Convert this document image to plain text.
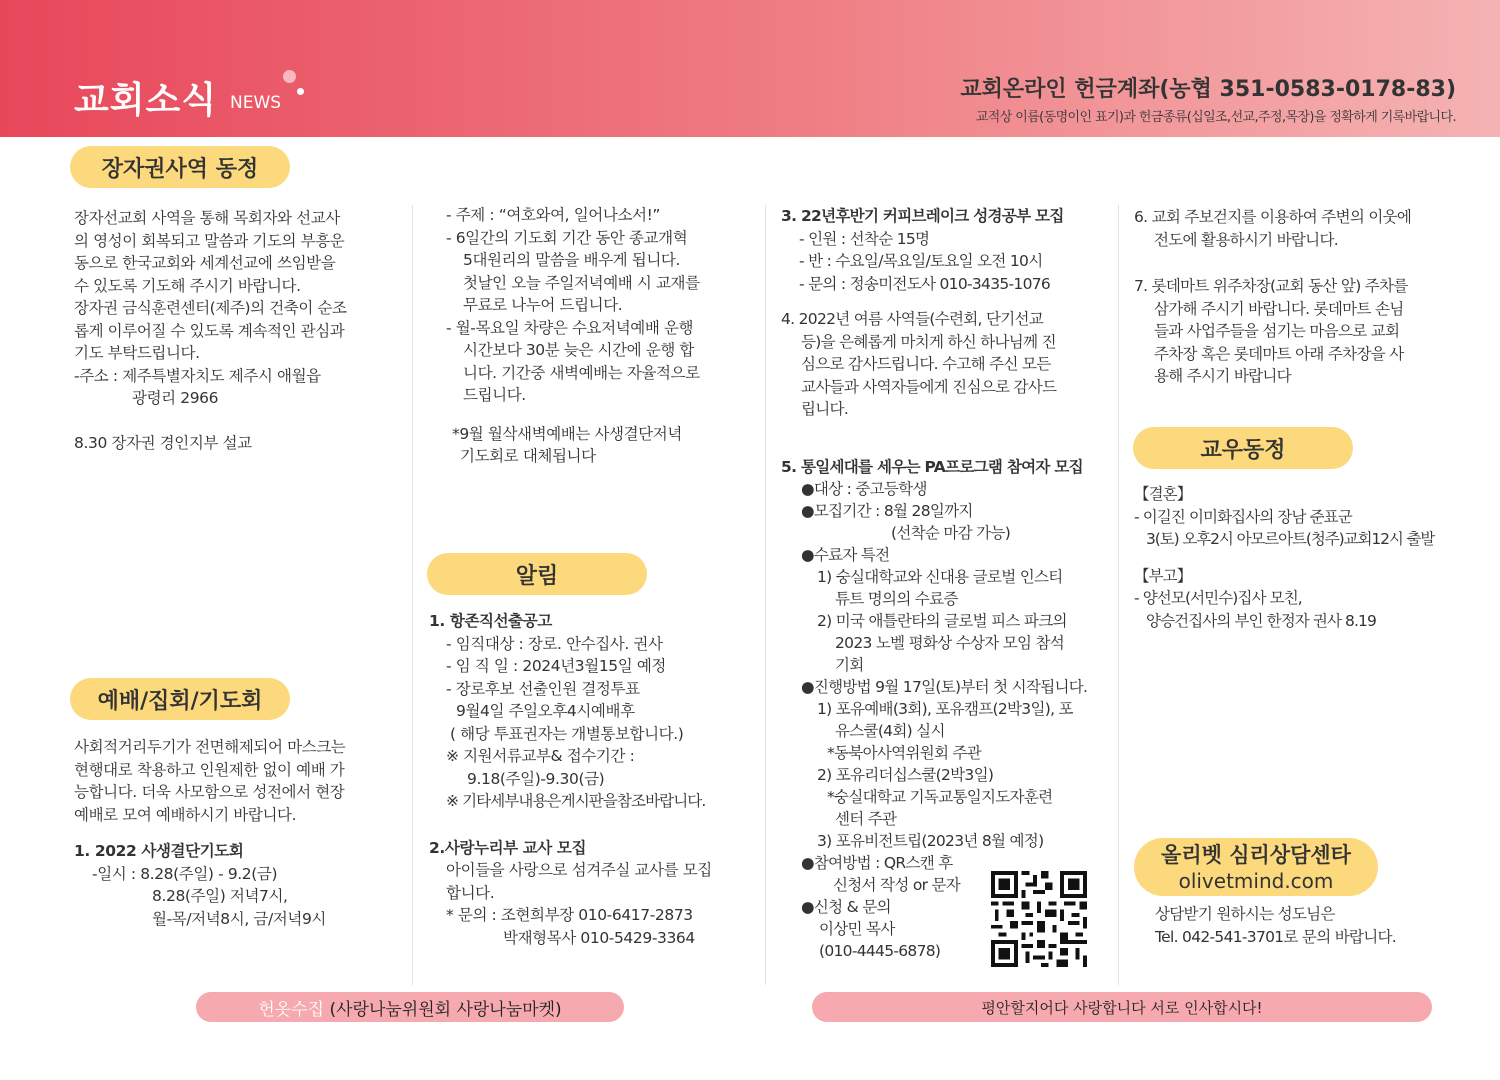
교회소식 NEWS
교회온라인 헌금계좌(농협 351-0583-0178-83)
교적상 이름(동명이인 표기)과 헌금종류(십일조,선교,주정,목장)을 정확하게 기록바랍니다.
장자권사역 동정
장자선교회 사역을 통해 목회자와 선교사
의 영성이 회복되고 말씀과 기도의 부흥운
동으로 한국교회와 세계선교에 쓰임받을
수 있도록 기도해 주시기 바랍니다.
장자권 금식훈련센터(제주)의 건축이 순조
롭게 이루어질 수 있도록 계속적인 관심과
기도 부탁드립니다.
-주소 : 제주특별자치도 제주시 애월읍
광령리 2966
8.30 장자권 경인지부 설교
예배/집회/기도회
사회적거리두기가 전면해제되어 마스크는
현행대로 착용하고 인원제한 없이 예배 가
능합니다. 더욱 사모함으로 성전에서 현장
예배로 모여 예배하시기 바랍니다.
1. 2022 사생결단기도회
-일시 : 8.28(주일) - 9.2(금)
8.28(주일) 저녁7시,
월-목/저녁8시, 금/저녁9시
- 주제 : “여호와여, 일어나소서!”
- 6일간의 기도회 기간 동안 종교개혁
5대원리의 말씀을 배우게 됩니다.
첫날인 오늘 주일저녁예배 시 교재를
무료로 나누어 드립니다.
- 월-목요일 차량은 수요저녁예배 운행
시간보다 30분 늦은 시간에 운행 합
니다. 기간중 새벽예배는 자율적으로
드립니다.
*9월 월삭새벽예배는 사생결단저녁
기도회로 대체됩니다
알림
1. 항존직선출공고
- 임직대상 : 장로. 안수집사. 권사
- 임 직 일 : 2024년3월15일 예정
- 장로후보 선출인원 결정투표
9월4일 주일오후4시예배후
( 해당 투표권자는 개별통보합니다.)
※ 지원서류교부& 접수기간 :
9.18(주일)-9.30(금)
※ 기타세부내용은게시판을참조바랍니다.
2.사랑누리부 교사 모집
아이들을 사랑으로 섬겨주실 교사를 모집
합니다.
* 문의 : 조현희부장 010-6417-2873
박재형목사 010-5429-3364
3. 22년후반기 커피브레이크 성경공부 모집
- 인원 : 선착순 15명
- 반 : 수요일/목요일/토요일 오전 10시
- 문의 : 정송미전도사 010-3435-1076
4. 2022년 여름 사역들(수련회, 단기선교
등)을 은혜롭게 마치게 하신 하나님께 진
심으로 감사드립니다. 수고해 주신 모든
교사들과 사역자들에게 진심으로 감사드
립니다.
5. 통일세대를 세우는 PA프로그램 참여자 모집
●대상 : 중고등학생
●모집기간 : 8월 28일까지
(선착순 마감 가능)
●수료자 특전
1) 숭실대학교와 신대용 글로벌 인스티
튜트 명의의 수료증
2) 미국 애틀란타의 글로벌 피스 파크의
2023 노벨 평화상 수상자 모임 참석
기회
●진행방법 9월 17일(토)부터 첫 시작됩니다.
1) 포유예배(3회), 포유캠프(2박3일), 포
유스쿨(4회) 실시
*동북아사역위원회 주관
2) 포유리더십스쿨(2박3일)
*숭실대학교 기독교통일지도자훈련
센터 주관
3) 포유비전트립(2023년 8월 예정)
●참여방법 : QR스캔 후
신청서 작성 or 문자
●신청 & 문의
이상민 목사
(010-4445-6878)
6. 교회 주보걷지를 이용하여 주변의 이웃에
전도에 활용하시기 바랍니다.
7. 롯데마트 위주차장(교회 동산 앞) 주차를
삼가해 주시기 바랍니다. 롯데마트 손님
들과 사업주들을 섬기는 마음으로 교회
주차장 혹은 롯데마트 아래 주차장을 사
용해 주시기 바랍니다
교우동정
【결혼】
- 이길진 이미화집사의 장남 준표군
3(토) 오후2시 아모르아트(청주)교회12시 출발
【부고】
- 양선모(서민수)집사 모친,
양승건집사의 부인 한정자 권사 8.19
올리벳 심리상담센타
olivetmind.com
상담받기 원하시는 성도님은
Tel. 042-541-3701로 문의 바랍니다.
헌옷수집
(사랑나눔위원회 사랑나눔마켓)	평안할지어다 사랑합니다 서로 인사합시다!
